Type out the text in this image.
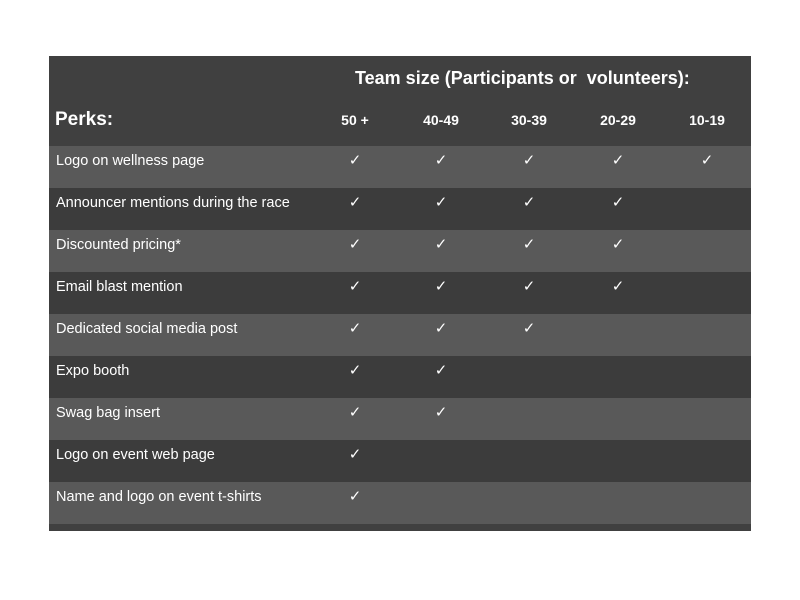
Team size (Participants or  volunteers):
Perks:	50 +	40-49	30-39	20-29	10-19
Logo on wellness page	✓	✓	✓	✓	✓
Announcer mentions during the race	✓	✓	✓	✓
Discounted pricing*	✓	✓	✓	✓
Email blast mention	✓	✓	✓	✓
Dedicated social media post	✓	✓	✓
Expo booth	✓	✓
Swag bag insert	✓	✓
Logo on event web page	✓
Name and logo on event t-shirts	✓
